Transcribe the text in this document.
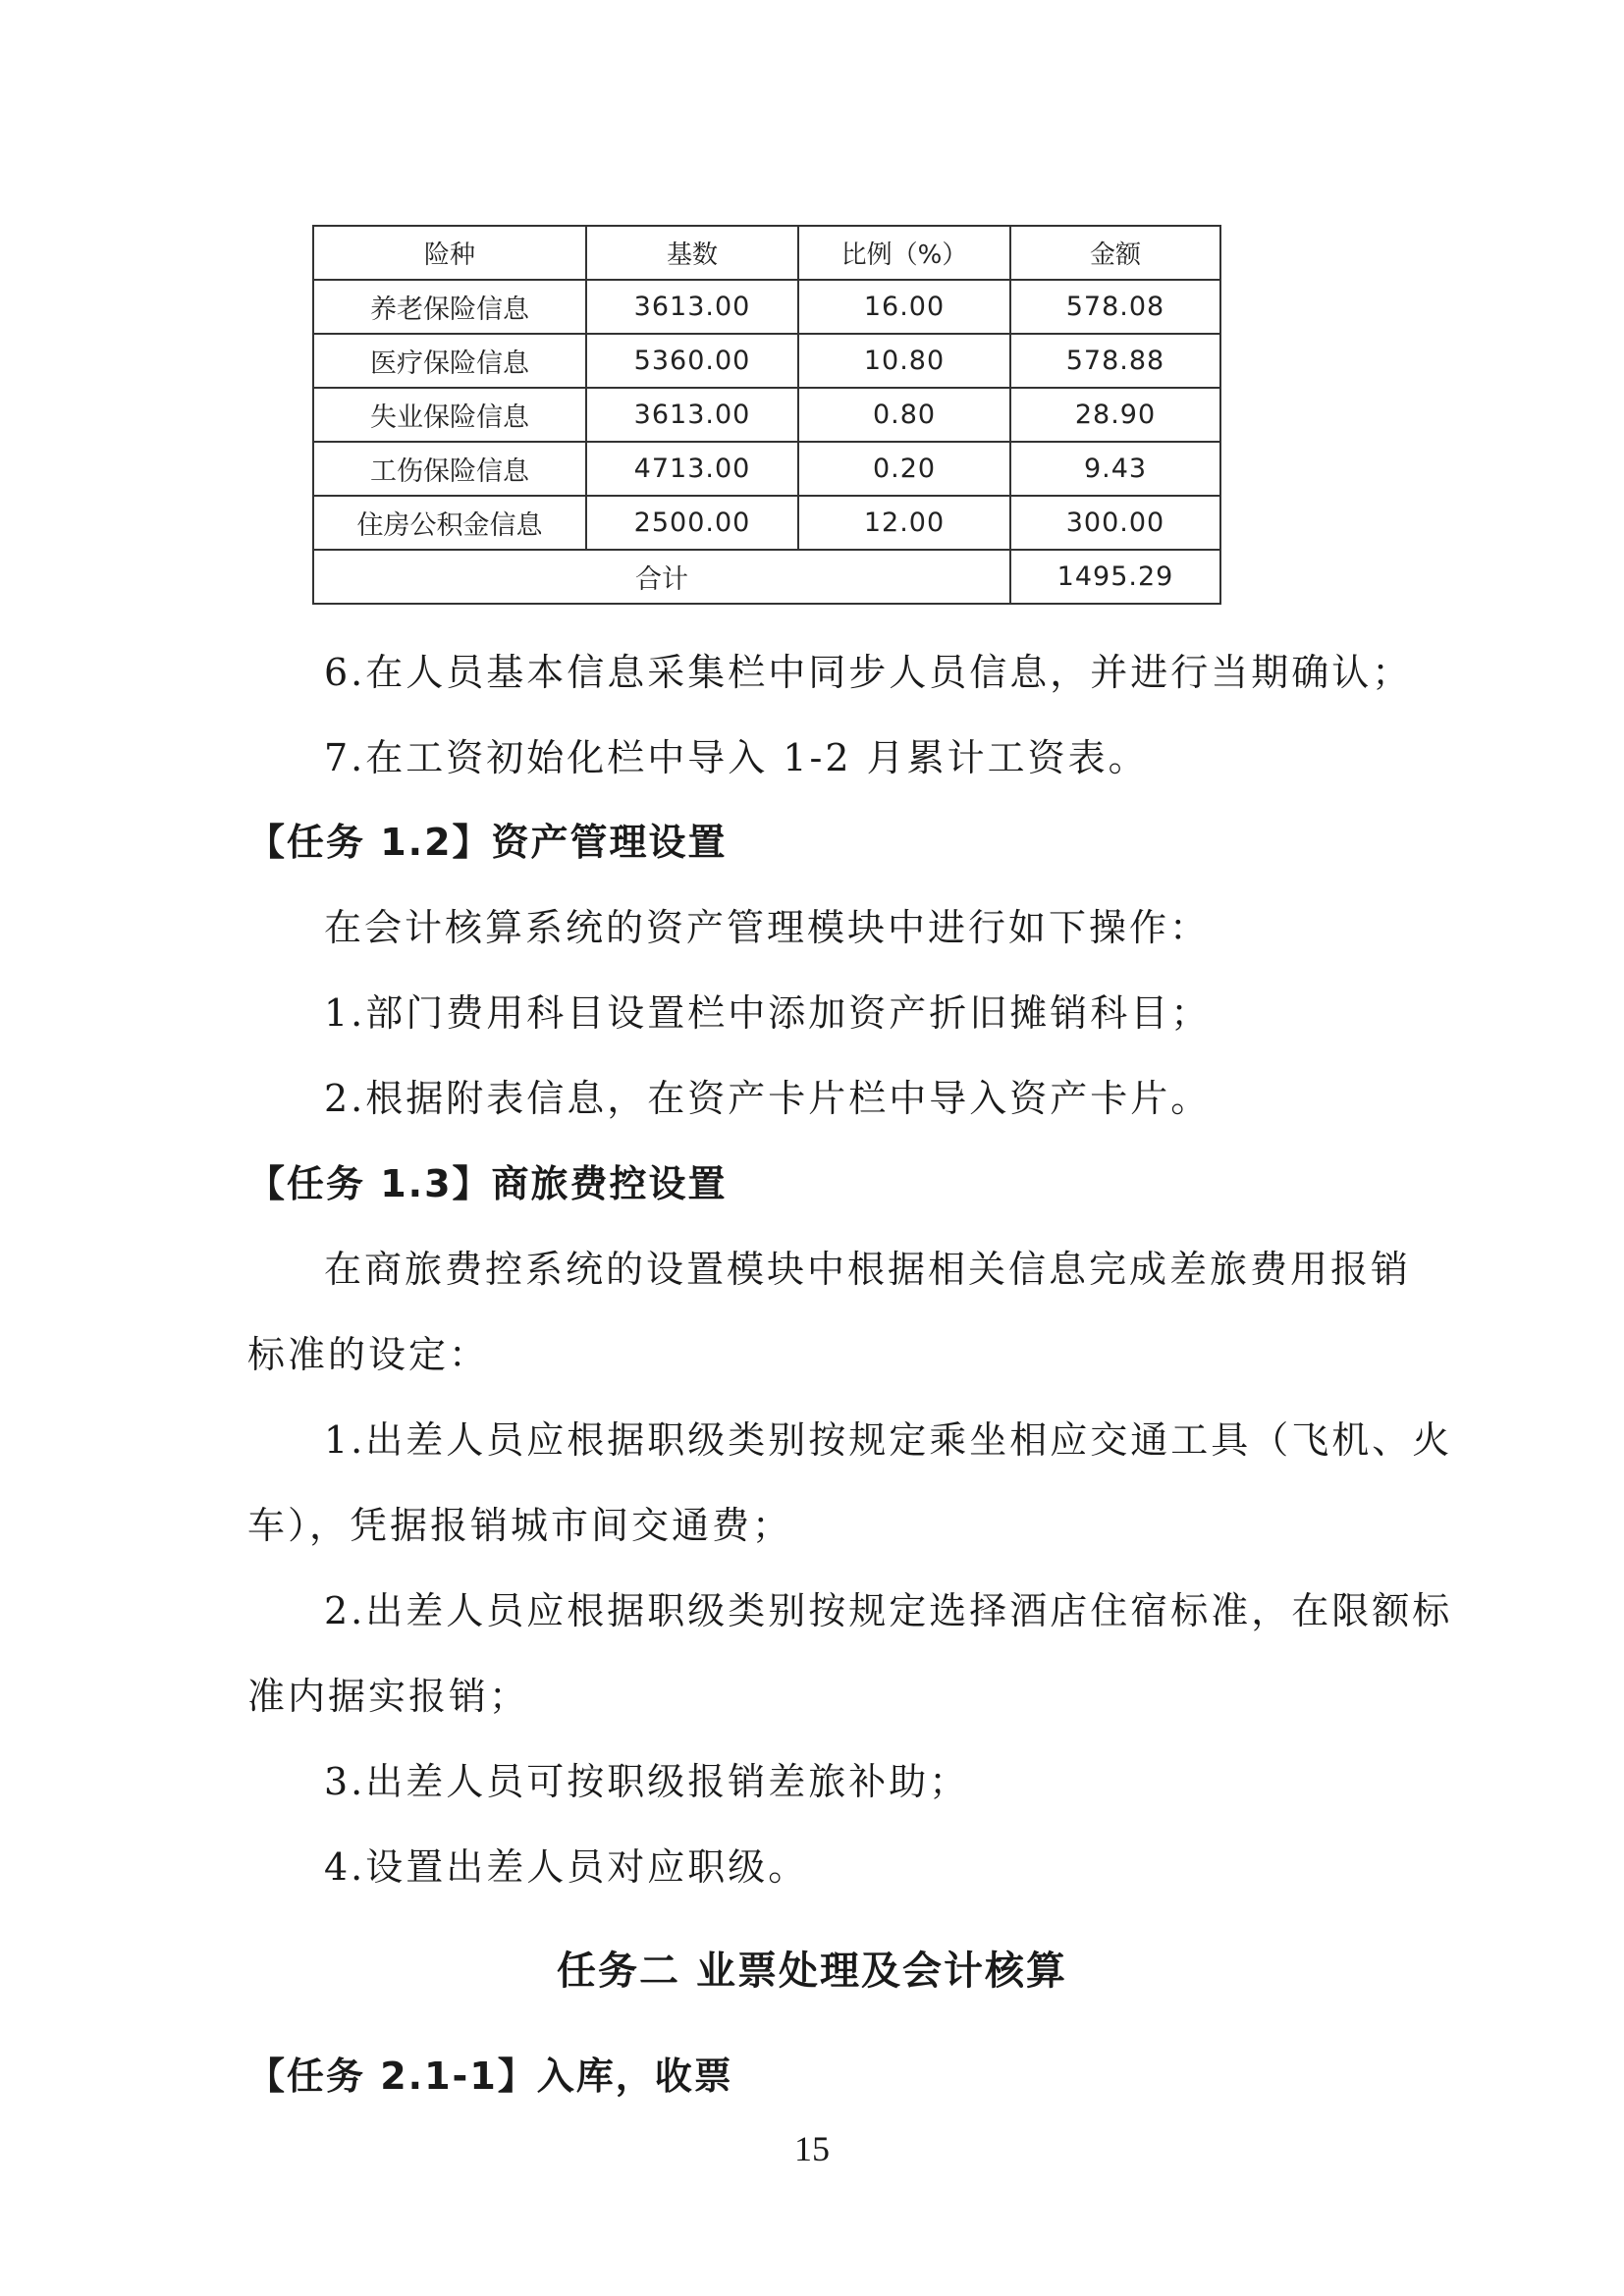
险种	基数	比例（%）	金额
养老保险信息	3613.00	16.00	578.08
医疗保险信息	5360.00	10.80	578.88
失业保险信息	3613.00	0.80	28.90
工伤保险信息	4713.00	0.20	9.43
住房公积金信息	2500.00	12.00	300.00
合计			1495.29
6.在人员基本信息采集栏中同步人员信息，并进行当期确认；
7.在工资初始化栏中导入 1-2 月累计工资表。
【任务 1.2】资产管理设置
在会计核算系统的资产管理模块中进行如下操作：
1.部门费用科目设置栏中添加资产折旧摊销科目；
2.根据附表信息，在资产卡片栏中导入资产卡片。
【任务 1.3】商旅费控设置
在商旅费控系统的设置模块中根据相关信息完成差旅费用报销
标准的设定：
1.出差人员应根据职级类别按规定乘坐相应交通工具（飞机、火
车），凭据报销城市间交通费；
2.出差人员应根据职级类别按规定选择酒店住宿标准，在限额标
准内据实报销；
3.出差人员可按职级报销差旅补助；
4.设置出差人员对应职级。
任务二 业票处理及会计核算
【任务 2.1-1】入库，收票
15
